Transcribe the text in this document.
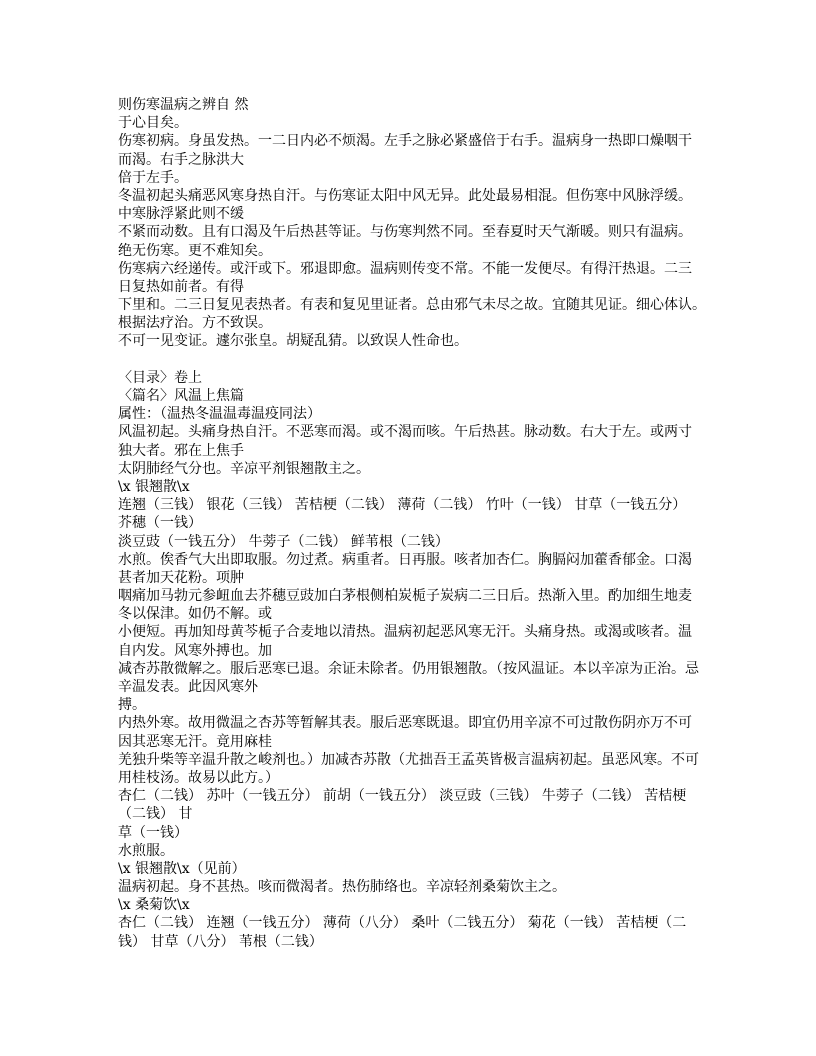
则伤寒温病之辨自 然
于心目矣。
伤寒初病。身虽发热。一二日内必不烦渴。左手之脉必紧盛倍于右手。温病身一热即口燥咽干
而渴。右手之脉洪大
倍于左手。
冬温初起头痛恶风寒身热自汗。与伤寒证太阳中风无异。此处最易相混。但伤寒中风脉浮缓。
中寒脉浮紧此则不缓
不紧而动数。且有口渴及午后热甚等证。与伤寒判然不同。至春夏时天气渐暖。则只有温病。
绝无伤寒。更不难知矣。
伤寒病六经递传。或汗或下。邪退即愈。温病则传变不常。不能一发便尽。有得汗热退。二三
日复热如前者。有得
下里和。二三日复见表热者。有表和复见里证者。总由邪气未尽之故。宜随其见证。细心体认。
根据法疗治。方不致误。
不可一见变证。遽尔张皇。胡疑乱猜。以致误人性命也。
〈目录〉卷上
〈篇名〉风温上焦篇
属性：（温热冬温温毒温疫同法）
风温初起。头痛身热自汗。不恶寒而渴。或不渴而咳。午后热甚。脉动数。右大于左。或两寸
独大者。邪在上焦手
太阴肺经气分也。辛凉平剂银翘散主之。
\x 银翘散\x
连翘（三钱） 银花（三钱） 苦桔梗（二钱） 薄荷（二钱） 竹叶（一钱） 甘草（一钱五分）
芥穗（一钱）
淡豆豉（一钱五分） 牛蒡子（二钱） 鲜苇根（二钱）
水煎。俟香气大出即取服。勿过煮。病重者。日再服。咳者加杏仁。胸膈闷加藿香郁金。口渴
甚者加天花粉。项肿
咽痛加马勃元参衄血去芥穗豆豉加白茅根侧柏炭栀子炭病二三日后。热渐入里。酌加细生地麦
冬以保津。如仍不解。或
小便短。再加知母黄芩栀子合麦地以清热。温病初起恶风寒无汗。头痛身热。或渴或咳者。温
自内发。风寒外搏也。加
减杏苏散微解之。服后恶寒已退。余证未除者。仍用银翘散。（按风温证。本以辛凉为正治。忌
辛温发表。此因风寒外
搏。
内热外寒。故用微温之杏苏等暂解其表。服后恶寒既退。即宜仍用辛凉不可过散伤阴亦万不可
因其恶寒无汗。竟用麻桂
羌独升柴等辛温升散之峻剂也。）加减杏苏散（尤拙吾王孟英皆极言温病初起。虽恶风寒。不可
用桂枝汤。故易以此方。）
杏仁（二钱） 苏叶（一钱五分） 前胡（一钱五分） 淡豆豉（三钱） 牛蒡子（二钱） 苦桔梗
（二钱） 甘
草（一钱）
水煎服。
\x 银翘散\x（见前）
温病初起。身不甚热。咳而微渴者。热伤肺络也。辛凉轻剂桑菊饮主之。
\x 桑菊饮\x
杏仁（二钱） 连翘（一钱五分） 薄荷（八分） 桑叶（二钱五分） 菊花（一钱） 苦桔梗（二
钱） 甘草（八分） 苇根（二钱）
